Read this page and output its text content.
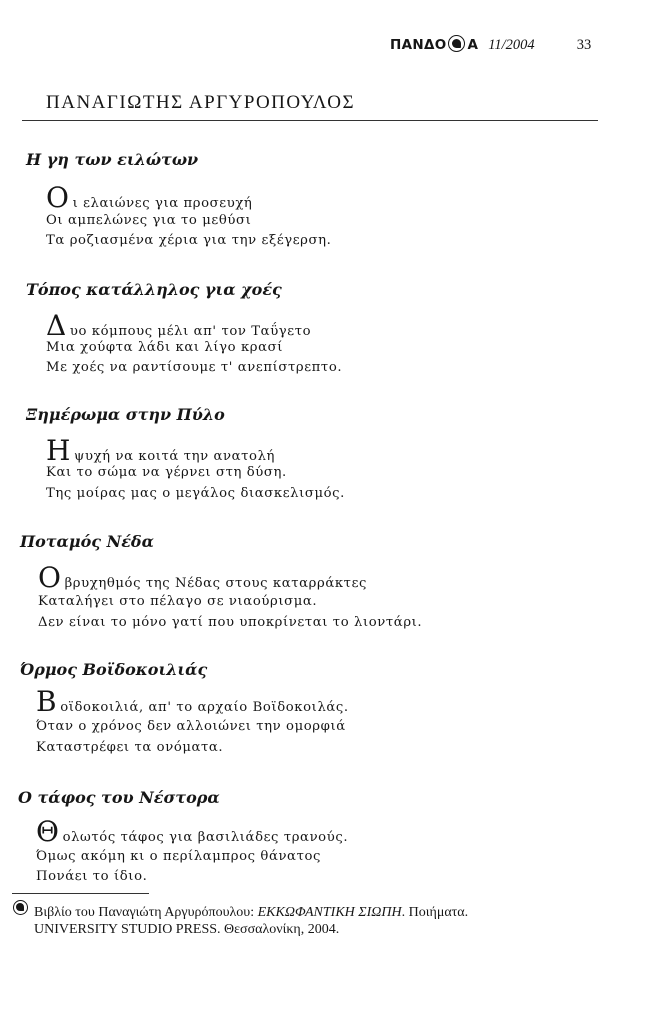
ΠΑΝΔΟ Α 11/2004	33
ΠΑΝΑΓΙΩΤΗΣ ΑΡΓΥΡΟΠΟΥΛΟΣ
Η γη των ειλώτων
Ο ι ελαιώνες για προσευχή
Οι αμπελώνες για το μεθύσι
Τα ροζιασμένα χέρια για την εξέγερση.
Τόπος κατάλληλος για χοές
Δ υο κόμπους μέλι απ' τον Ταΰγετο
Μια χούφτα λάδι και λίγο κρασί
Με χοές να ραντίσουμε τ' ανεπίστρεπτο.
Ξημέρωμα στην Πύλο
Η ψυχή να κοιτά την ανατολή
Και το σώμα να γέρνει στη δύση.
Της μοίρας μας ο μεγάλος διασκελισμός.
Ποταμός Νέδα
Ο βρυχηθμός της Νέδας στους καταρράκτες
Καταλήγει στο πέλαγο σε νιαούρισμα.
Δεν είναι το μόνο γατί που υποκρίνεται το λιοντάρι.
Όρμος Βοϊδοκοιλιάς
Β οϊδοκοιλιά, απ' το αρχαίο Βοϊδοκοιλάς.
Όταν ο χρόνος δεν αλλοιώνει την ομορφιά
Καταστρέφει τα ονόματα.
Ο τάφος του Νέστορα
Θ ολωτός τάφος για βασιλιάδες τρανούς.
Όμως ακόμη κι ο περίλαμπρος θάνατος
Πονάει το ίδιο.
Βιβλίο του Παναγιώτη Αργυρόπουλου: ΕΚΚΩΦΑΝΤΙΚΗ ΣΙΩΠΗ. Ποιήματα.
UNIVERSITY STUDIO PRESS. Θεσσαλονίκη, 2004.
